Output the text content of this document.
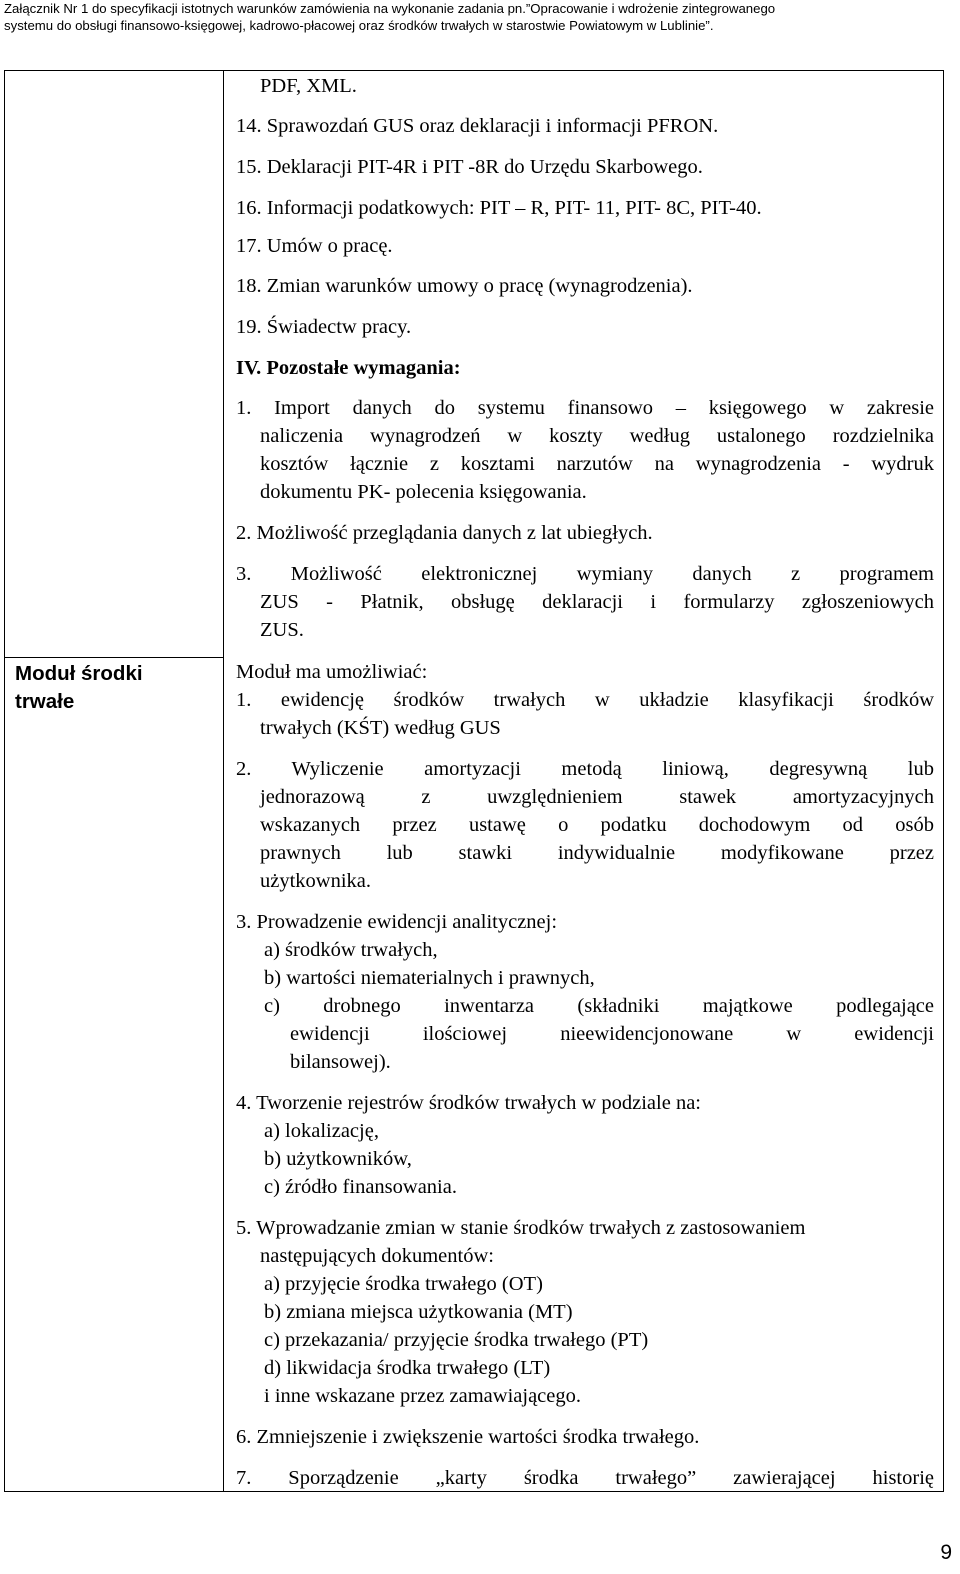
Załącznik Nr 1 do specyfikacji istotnych warunków zamówienia na wykonanie zadania pn.”Opracowanie i wdrożenie zintegrowanego
systemu do obsługi finansowo-księgowej, kadrowo-płacowej oraz środków trwałych w starostwie Powiatowym w Lublinie”.
Moduł środki
trwałe
PDF, XML.
14. Sprawozdań GUS oraz deklaracji i informacji PFRON.
15. Deklaracji PIT-4R i PIT -8R do Urzędu Skarbowego.
16. Informacji podatkowych: PIT – R, PIT- 11, PIT- 8C, PIT-40.
17. Umów o pracę.
18. Zmian warunków umowy o pracę (wynagrodzenia).
19. Świadectw pracy.
IV. Pozostałe wymagania:
1. Import danych do systemu finansowo – księgowego w zakresie
naliczenia wynagrodzeń w koszty według ustalonego rozdzielnika
kosztów łącznie z kosztami narzutów na wynagrodzenia - wydruk
dokumentu PK- polecenia księgowania.
2. Możliwość przeglądania danych z lat ubiegłych.
3. Możliwość elektronicznej wymiany danych z programem
ZUS - Płatnik, obsługę deklaracji i formularzy zgłoszeniowych
ZUS.
Moduł ma umożliwiać:
1. ewidencję środków trwałych w układzie klasyfikacji środków
trwałych (KŚT) według GUS
2. Wyliczenie amortyzacji metodą liniową, degresywną lub
jednorazową z uwzględnieniem stawek amortyzacyjnych
wskazanych przez ustawę o podatku dochodowym od osób
prawnych lub stawki indywidualnie modyfikowane przez
użytkownika.
3. Prowadzenie ewidencji analitycznej:
a) środków trwałych,
b) wartości niematerialnych i prawnych,
c) drobnego inwentarza (składniki majątkowe podlegające
ewidencji ilościowej nieewidencjonowane w ewidencji
bilansowej).
4. Tworzenie rejestrów środków trwałych w podziale na:
a) lokalizację,
b) użytkowników,
c) źródło finansowania.
5. Wprowadzanie zmian w stanie środków trwałych z zastosowaniem
następujących dokumentów:
a) przyjęcie środka trwałego (OT)
b) zmiana miejsca użytkowania (MT)
c) przekazania/ przyjęcie środka trwałego (PT)
d) likwidacja środka trwałego (LT)
i inne wskazane przez zamawiającego.
6. Zmniejszenie i zwiększenie wartości środka trwałego.
7. Sporządzenie „karty środka trwałego” zawierającej historię
9
